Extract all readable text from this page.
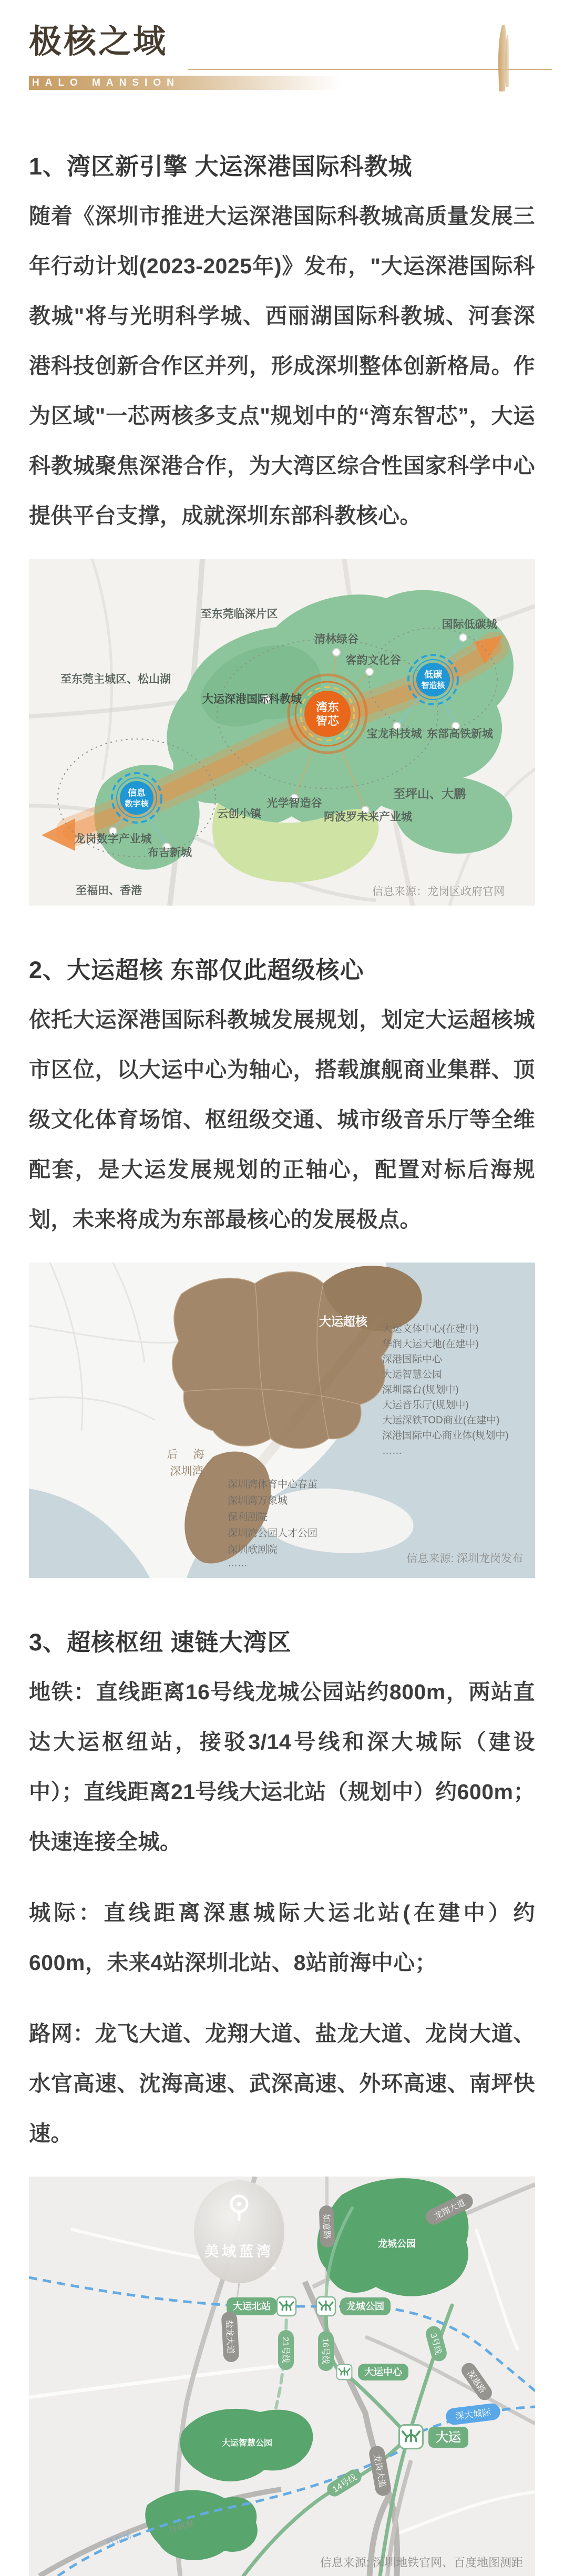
极核之域
HALO MANSION
1、湾区新引擎 大运深港国际科教城

随着《深圳市推进大运深港国际科教城高质量发展三年行动计划(2023-2025年)》发布，"大运深港国际科教城"将与光明科学城、西丽湖国际科教城、河套深港科技创新合作区并列，形成深圳整体创新格局。作为区域"一芯两核多支点"规划中的“湾东智芯”，大运科教城聚焦深港合作，为大湾区综合性国家科学中心提供平台支撑，成就深圳东部科教核心。

湾东
智芯
低碳
智造核
信息
数字核
至东莞临深片区
清林绿谷
国际低碳城
至东莞主城区、松山湖
客韵文化谷
大运深港国际科教城
宝龙科技城 东部高铁新城
至坪山、大鹏
云创小镇
光学智造谷
阿波罗未来产业城
龙岗数字产业城
布吉新城
至福田、香港	信息来源：龙岗区政府官网
2、大运超核 东部仅此超级核心

依托大运深港国际科教城发展规划，划定大运超核城市区位，以大运中心为轴心，搭载旗舰商业集群、顶级文化体育场馆、枢纽级交通、城市级音乐厅等全维配套，是大运发展规划的正轴心，配置对标后海规划，未来将成为东部最核心的发展极点。

大运超核
大运文体中心(在建中)
华润大运天地(在建中)
深港国际中心
大运智慧公园
深圳露台(规划中)
大运音乐厅(规划中)
大运深铁TOD商业(在建中)
深港国际中心商业体(规划中)
……
深圳湾体育中心春茧
深圳湾万象城
保利剧院
深圳湾公园人才公园
深圳歌剧院
……
后　海
深圳湾
信息来源: 深圳龙岗发布
3、超核枢纽 速链大湾区

地铁：直线距离16号线龙城公园站约800m，两站直达大运枢纽站，接驳3/14号线和深大城际（建设中）；直线距离21号线大运北站（规划中）约600m；快速连接全城。

城际：直线距离深惠城际大运北站(在建中）约600m，未来4站深圳北站、8站前海中心；

路网：龙飞大道、龙翔大道、盐龙大道、龙岗大道、水官高速、沈海高速、武深高速、外环高速、南坪快速。

龙城公园
大运智慧公园
往机场
往前海
美域蓝湾
大运北站	龙城公园
大运中心
大运
21号线	16号线	3号线
14号线
深大城际
盐龙大道
如意路
龙翔大道
深惠路
龙岗大道
信息来源: 深圳地铁官网、百度地图测距
